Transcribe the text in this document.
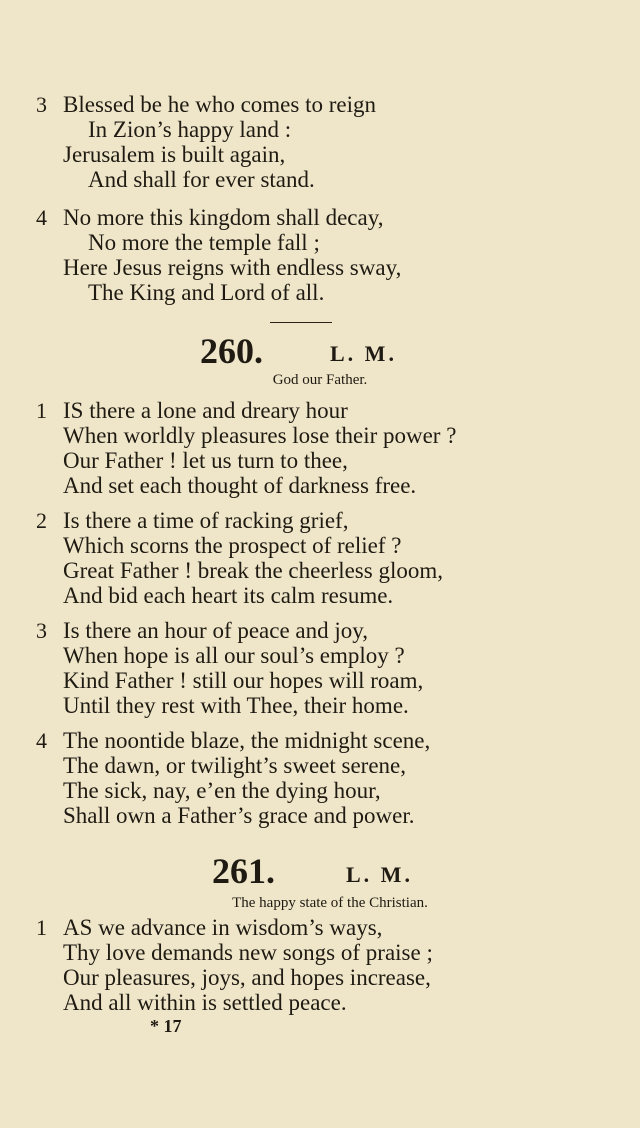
3 Blessed be he who comes to reign
In Zion’s happy land :
Jerusalem is built again,
And shall for ever stand.
4 No more this kingdom shall decay,
No more the temple fall ;
Here Jesus reigns with endless sway,
The King and Lord of all.
260.	L. M.
God our Father.
1 IS there a lone and dreary hour
When worldly pleasures lose their power ?
Our Father ! let us turn to thee,
And set each thought of darkness free.
2 Is there a time of racking grief,
Which scorns the prospect of relief ?
Great Father ! break the cheerless gloom,
And bid each heart its calm resume.
3 Is there an hour of peace and joy,
When hope is all our soul’s employ ?
Kind Father ! still our hopes will roam,
Until they rest with Thee, their home.
4 The noontide blaze, the midnight scene,
The dawn, or twilight’s sweet serene,
The sick, nay, e’en the dying hour,
Shall own a Father’s grace and power.
261.	L. M.
The happy state of the Christian.
1 AS we advance in wisdom’s ways,
Thy love demands new songs of praise ;
Our pleasures, joys, and hopes increase,
And all within is settled peace.
* 17
